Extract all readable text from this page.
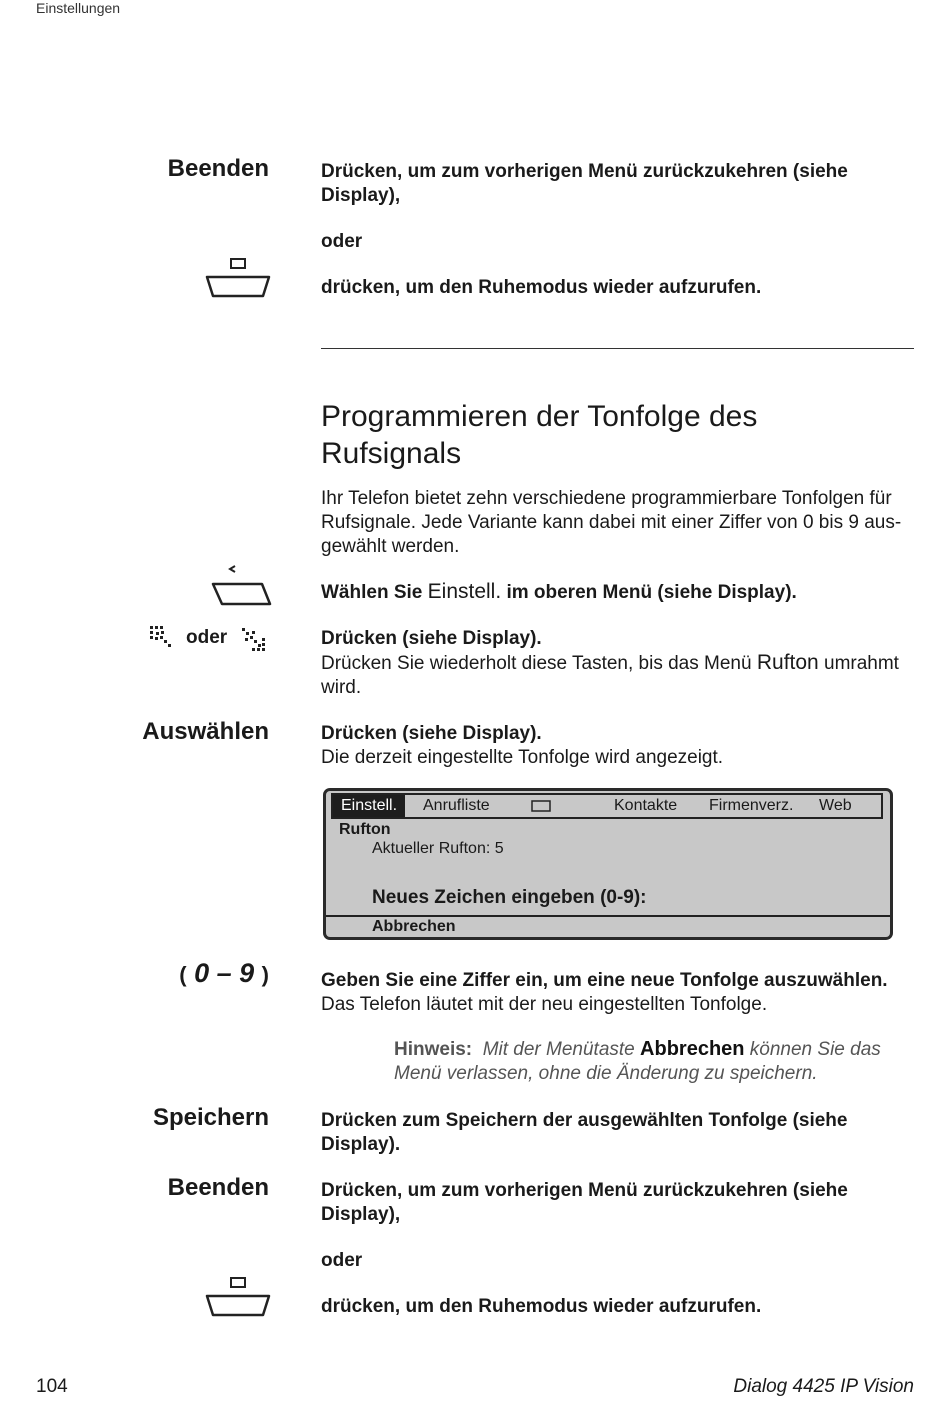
Einstellungen
Beenden	Drücken, um zum vorherigen Menü zurückzukehren (siehe Display),
oder
drücken, um den Ruhemodus wieder aufzurufen.
Programmieren der Tonfolge des Rufsignals
Ihr Telefon bietet zehn verschiedene programmierbare Tonfolgen für Rufsignale. Jede Variante kann dabei mit einer Ziffer von 0 bis 9 ausgewählt werden.
Wählen Sie Einstell. im oberen Menü (siehe Display).
oder	Drücken (siehe Display).
Drücken Sie wiederholt diese Tasten, bis das Menü Rufton umrahmt wird.
Auswählen	Drücken (siehe Display).
Die derzeit eingestellte Tonfolge wird angezeigt.
Einstell.	Anrufliste	Kontakte Firmenverz. Web
Rufton
Aktueller Rufton: 5
Neues Zeichen eingeben (0-9):
Abbrechen
( 0 – 9 )	Geben Sie eine Ziffer ein, um eine neue Tonfolge auszuwählen.
Das Telefon läutet mit der neu eingestellten Tonfolge.
Hinweis: Mit der Menütaste Abbrechen können Sie das Menü verlassen, ohne die Änderung zu speichern.
Speichern	Drücken zum Speichern der ausgewählten Tonfolge (siehe Display).
Beenden	Drücken, um zum vorherigen Menü zurückzukehren (siehe Display),
oder
drücken, um den Ruhemodus wieder aufzurufen.
104	Dialog 4425 IP Vision
